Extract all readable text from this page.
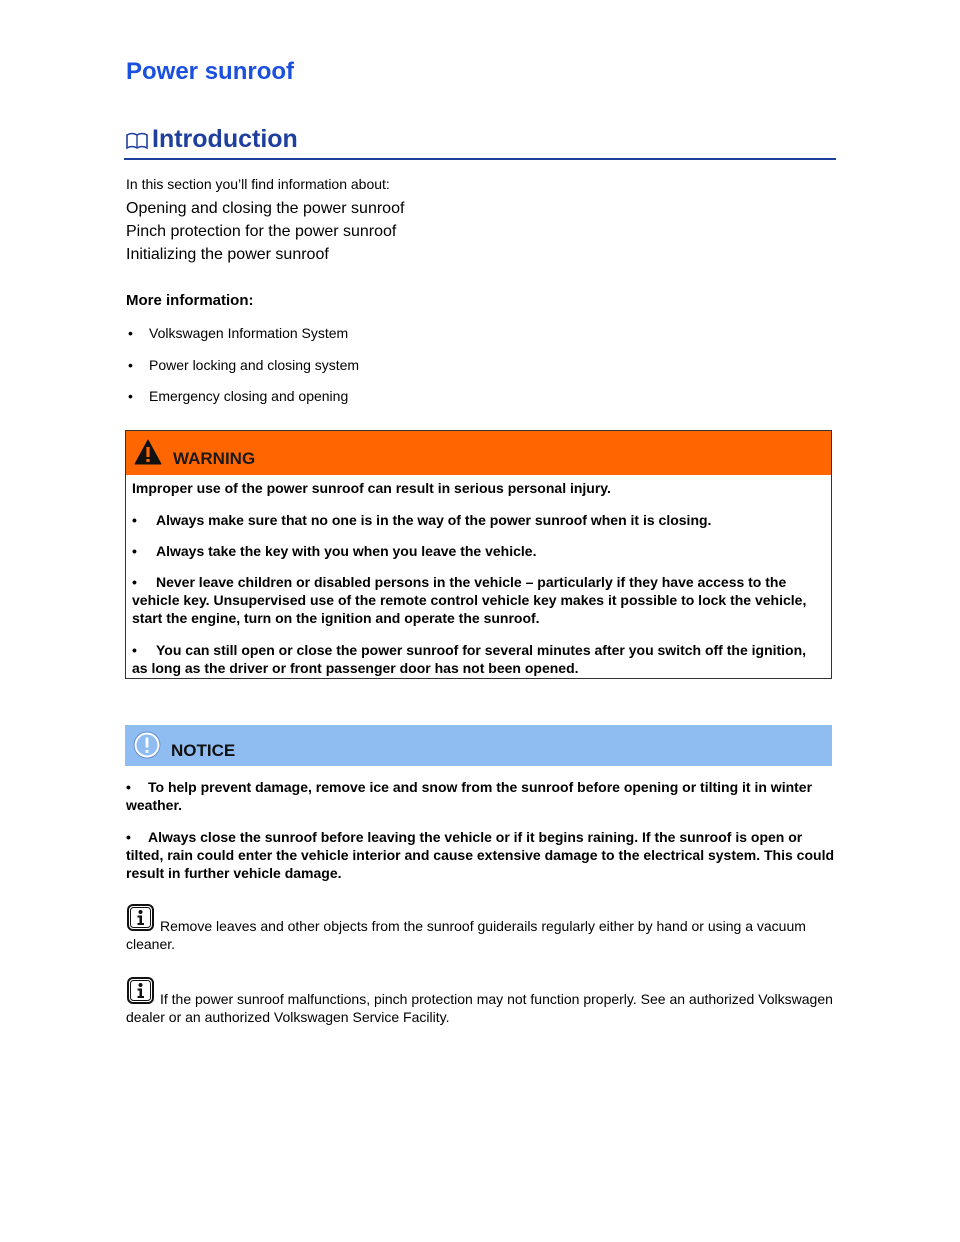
Power sunroof
Introduction

In this section you’ll find information about:

Opening and closing the power sunroof

Pinch protection for the power sunroof

Initializing the power sunroof

More information:

• Volkswagen Information System
• Power locking and closing system
• Emergency closing and opening
WARNING
Improper use of the power sunroof can result in serious personal injury.
• Always make sure that no one is in the way of the power sunroof when it is closing.
• Always take the key with you when you leave the vehicle.
• Never leave children or disabled persons in the vehicle – particularly if they have access to the vehicle key. Unsupervised use of the remote control vehicle key makes it possible to lock the vehicle, start the engine, turn on the ignition and operate the sunroof.
• You can still open or close the power sunroof for several minutes after you switch off the ignition, as long as the driver or front passenger door has not been opened.
NOTICE
• To help prevent damage, remove ice and snow from the sunroof before opening or tilting it in winter weather.
• Always close the sunroof before leaving the vehicle or if it begins raining. If the sunroof is open or tilted, rain could enter the vehicle interior and cause extensive damage to the electrical system. This could result in further vehicle damage.
Remove leaves and other objects from the sunroof guiderails regularly either by hand or using a vacuum cleaner.
If the power sunroof malfunctions, pinch protection may not function properly. See an authorized Volkswagen dealer or an authorized Volkswagen Service Facility.
